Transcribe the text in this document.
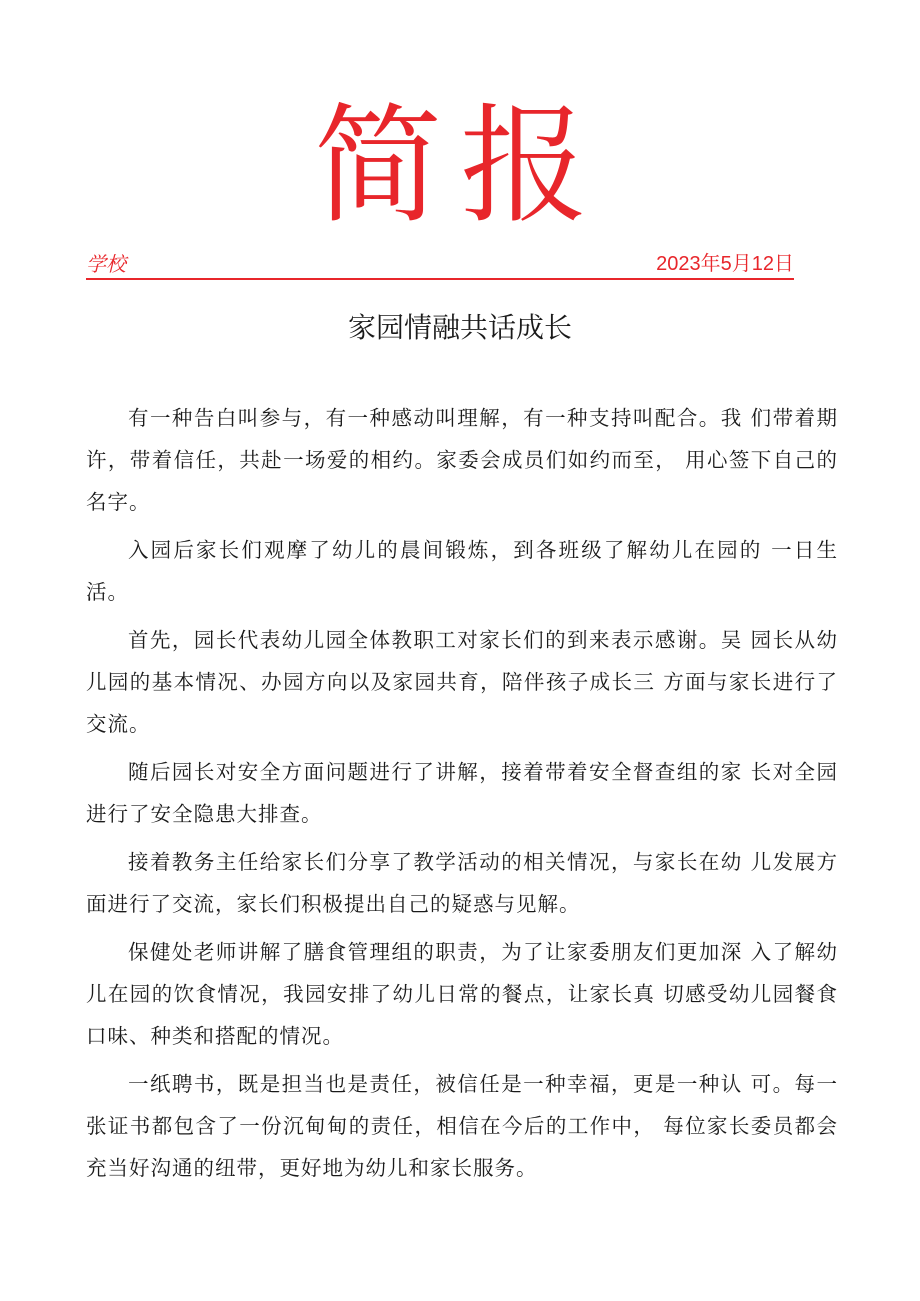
简报
学校	2023年5月12日
家园情融共话成长

有一种告白叫参与，有一种感动叫理解，有一种支持叫配合。我 们带着期许，带着信任，共赴一场爱的相约。家委会成员们如约而至， 用心签下自己的名字。

入园后家长们观摩了幼儿的晨间锻炼，到各班级了解幼儿在园的 一日生活。

首先，园长代表幼儿园全体教职工对家长们的到来表示感谢。吴 园长从幼儿园的基本情况、办园方向以及家园共育，陪伴孩子成长三 方面与家长进行了交流。

随后园长对安全方面问题进行了讲解，接着带着安全督查组的家 长对全园进行了安全隐患大排查。

接着教务主任给家长们分享了教学活动的相关情况，与家长在幼 儿发展方面进行了交流，家长们积极提出自己的疑惑与见解。

保健处老师讲解了膳食管理组的职责，为了让家委朋友们更加深 入了解幼儿在园的饮食情况，我园安排了幼儿日常的餐点，让家长真 切感受幼儿园餐食口味、种类和搭配的情况。

一纸聘书，既是担当也是责任，被信任是一种幸福，更是一种认 可。每一张证书都包含了一份沉甸甸的责任，相信在今后的工作中， 每位家长委员都会充当好沟通的纽带，更好地为幼儿和家长服务。
